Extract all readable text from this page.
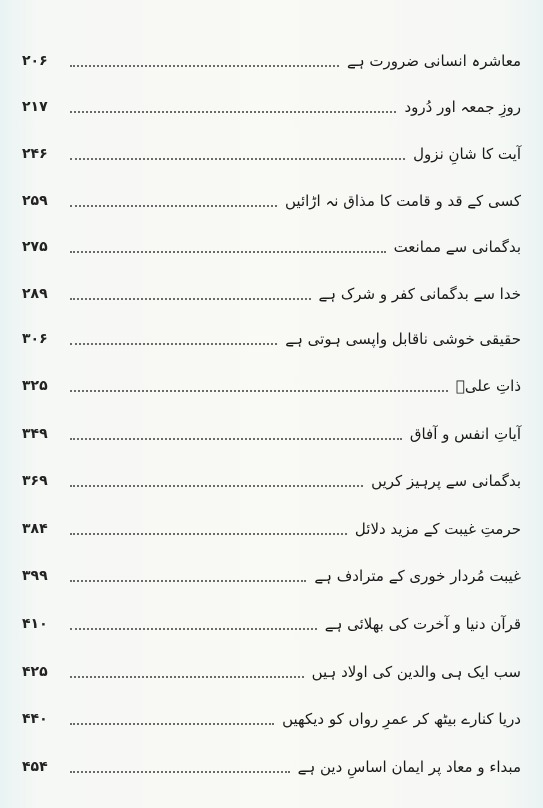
معاشرہ انسانی ضرورت ہے
۲۰۶
روزِ جمعہ اور دُرود
۲۱۷
آیت کا شانِ نزول
۲۴۶
کسی کے قد و قامت کا مذاق نہ اڑائیں
۲۵۹
بدگمانی سے ممانعت
۲۷۵
خدا سے بدگمانی کفر و شرک ہے
۲۸۹
حقیقی خوشی ناقابل واپسی ہوتی ہے
۳۰۶
ذاتِ علیؑ
۳۲۵
آیاتِ انفس و آفاق
۳۴۹
بدگمانی سے پرہیز کریں
۳۶۹
حرمتِ غیبت کے مزید دلائل
۳۸۴
غیبت مُردار خوری کے مترادف ہے
۳۹۹
قرآن دنیا و آخرت کی بھلائی ہے
۴۱۰
سب ایک ہی والدین کی اولاد ہیں
۴۲۵
دریا کنارے بیٹھ کر عمرِ رواں کو دیکھیں
۴۴۰
مبداء و معاد پر ایمان اساسِ دین ہے
۴۵۴
